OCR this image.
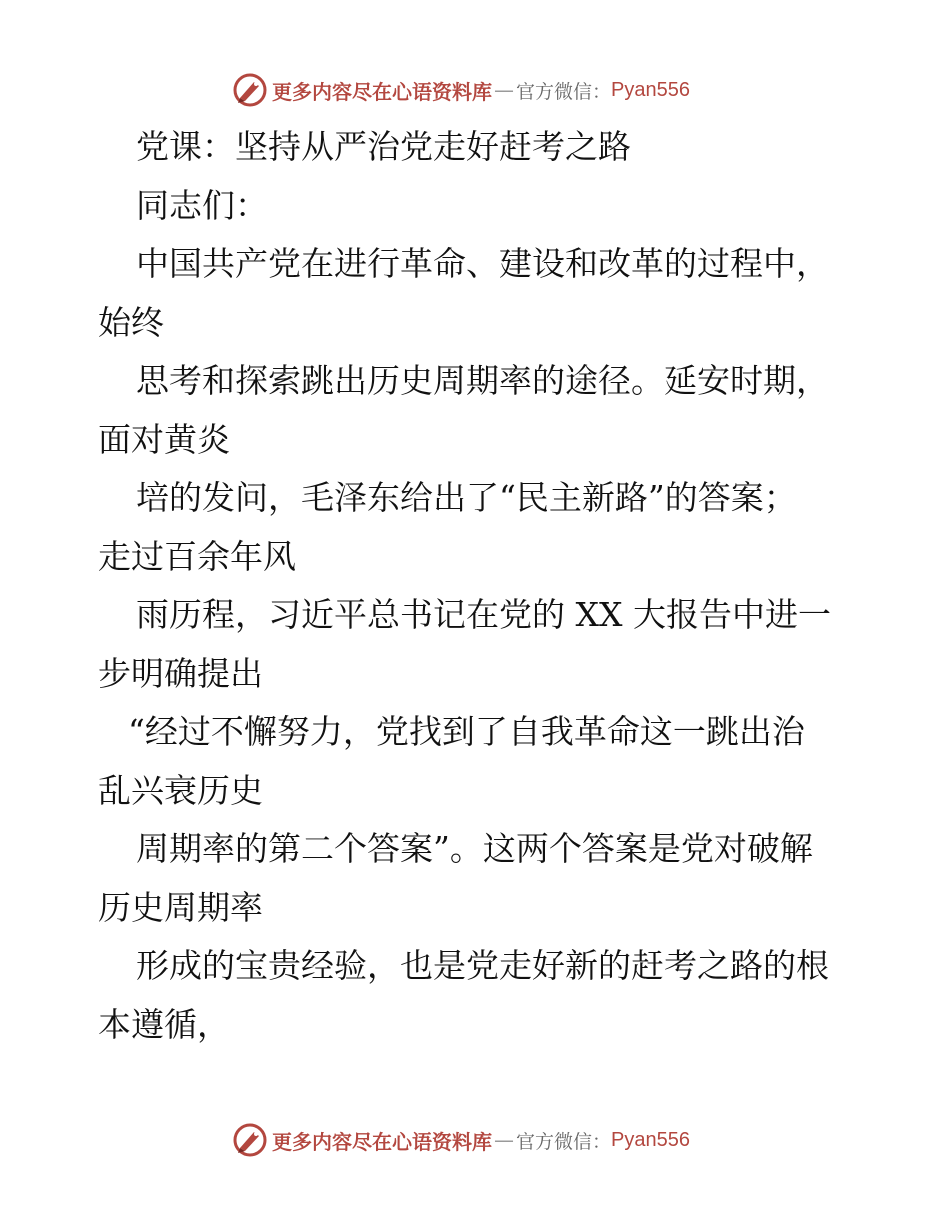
更多内容尽在心语资料库 — 官方微信： Pyan556
党课：坚持从严治党走好赶考之路
同志们：
中国共产党在进行革命、建设和改革的过程中，
始终
思考和探索跳出历史周期率的途径。延安时期，
面对黄炎
培的发问，毛泽东给出了“民主新路”的答案；
走过百余年风
雨历程，习近平总书记在党的 XX 大报告中进一
步明确提出
“经过不懈努力，党找到了自我革命这一跳出治
乱兴衰历史
周期率的第二个答案”。这两个答案是党对破解
历史周期率
形成的宝贵经验，也是党走好新的赶考之路的根
本遵循，
更多内容尽在心语资料库 — 官方微信： Pyan556
